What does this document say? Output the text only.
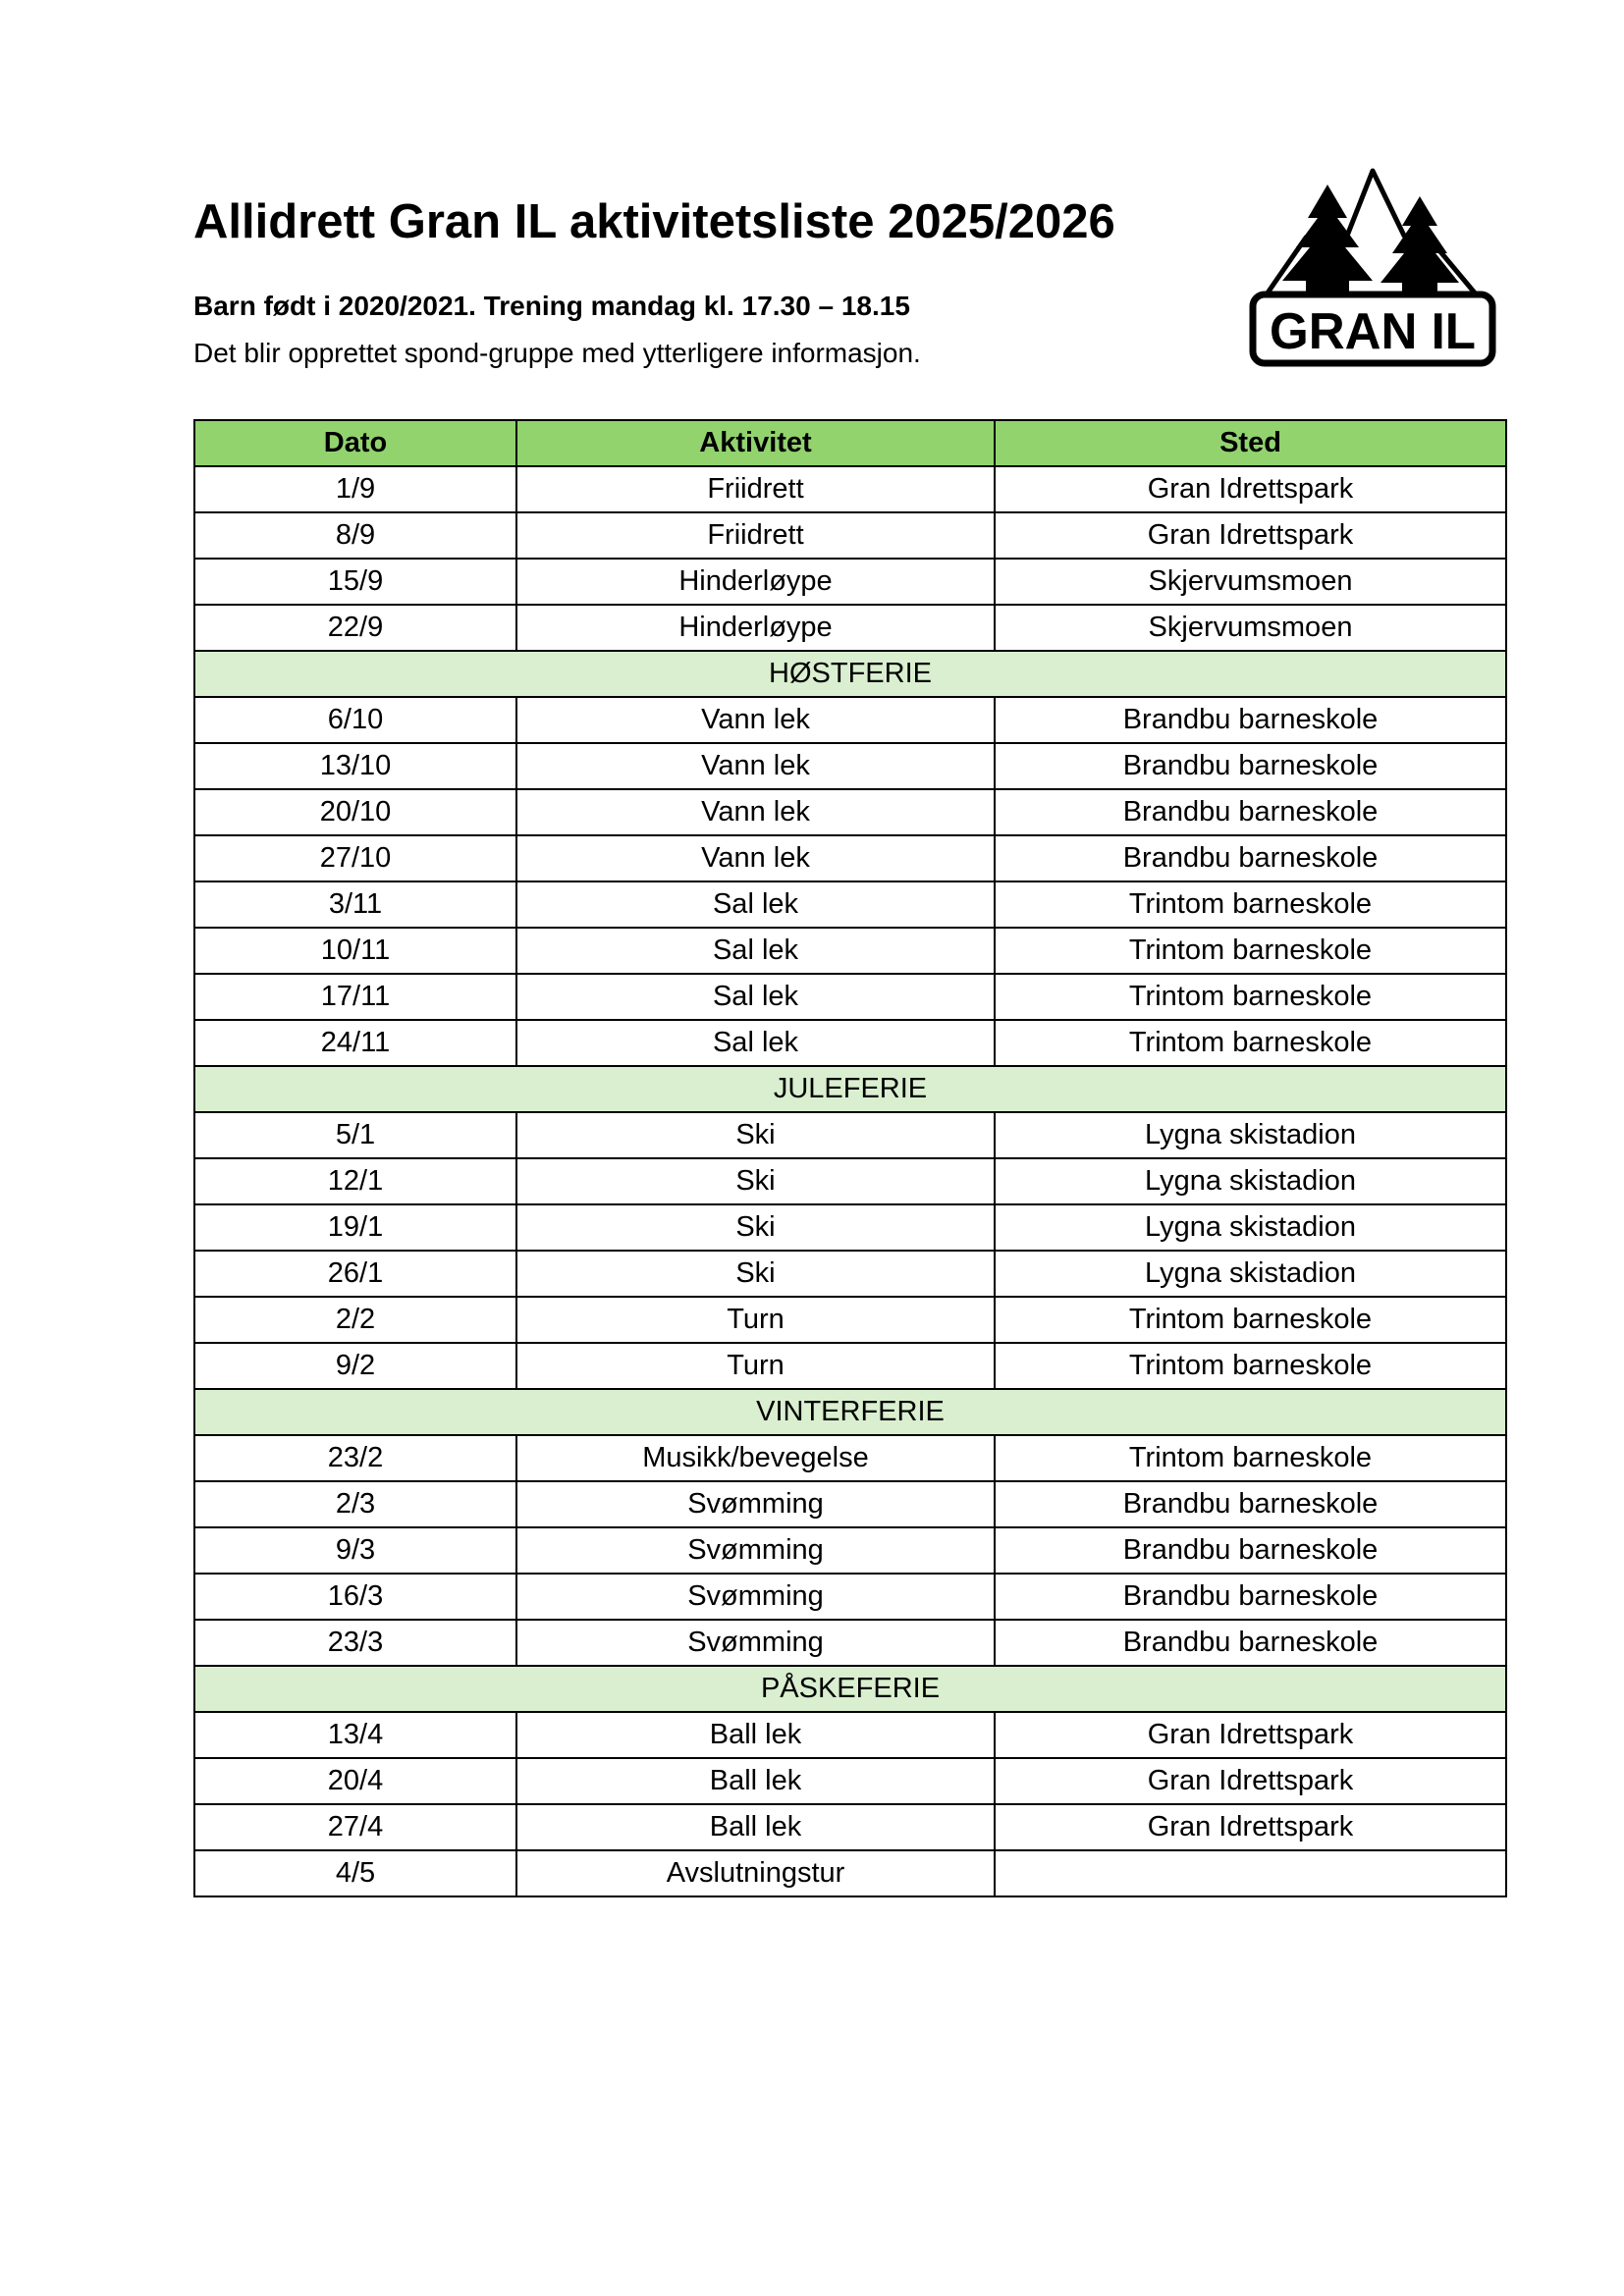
Allidrett Gran IL aktivitetsliste 2025/2026
Barn født i 2020/2021. Trening mandag kl. 17.30 – 18.15
Det blir opprettet spond-gruppe med ytterligere informasjon.	GRAN IL
Dato	Aktivitet	Sted
1/9	Friidrett	Gran Idrettspark
8/9	Friidrett	Gran Idrettspark
15/9	Hinderløype	Skjervumsmoen
22/9	Hinderløype	Skjervumsmoen
HØSTFERIE		
6/10	Vann lek	Brandbu barneskole
13/10	Vann lek	Brandbu barneskole
20/10	Vann lek	Brandbu barneskole
27/10	Vann lek	Brandbu barneskole
3/11	Sal lek	Trintom barneskole
10/11	Sal lek	Trintom barneskole
17/11	Sal lek	Trintom barneskole
24/11	Sal lek	Trintom barneskole
JULEFERIE		
5/1	Ski	Lygna skistadion
12/1	Ski	Lygna skistadion
19/1	Ski	Lygna skistadion
26/1	Ski	Lygna skistadion
2/2	Turn	Trintom barneskole
9/2	Turn	Trintom barneskole
VINTERFERIE		
23/2	Musikk/bevegelse	Trintom barneskole
2/3	Svømming	Brandbu barneskole
9/3	Svømming	Brandbu barneskole
16/3	Svømming	Brandbu barneskole
23/3	Svømming	Brandbu barneskole
PÅSKEFERIE		
13/4	Ball lek	Gran Idrettspark
20/4	Ball lek	Gran Idrettspark
27/4	Ball lek	Gran Idrettspark
4/5	Avslutningstur	
